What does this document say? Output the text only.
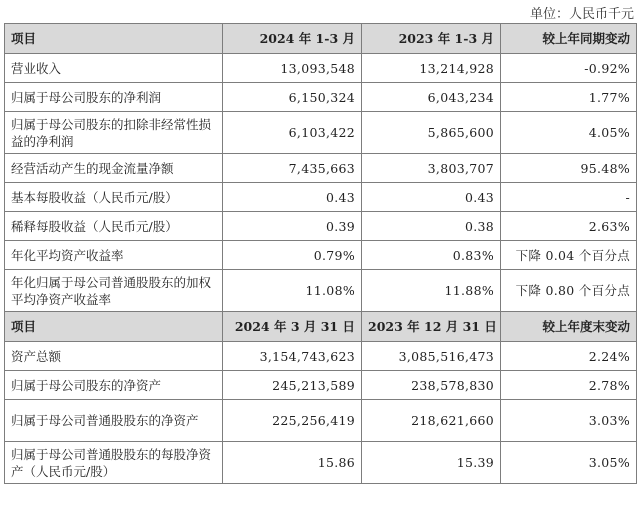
单位：人民币千元
项目	2024 年 1-3 月	2023 年 1-3 月	较上年同期变动
营业收入	13,093,548	13,214,928	-0.92%
归属于母公司股东的净利润	6,150,324	6,043,234	1.77%
归属于母公司股东的扣除非经常性损益的净利润	6,103,422	5,865,600	4.05%
经营活动产生的现金流量净额	7,435,663	3,803,707	95.48%
基本每股收益（人民币元/股）	0.43	0.43	-
稀释每股收益（人民币元/股）	0.39	0.38	2.63%
年化平均资产收益率	0.79%	0.83%	下降 0.04 个百分点
年化归属于母公司普通股股东的加权平均净资产收益率	11.08%	11.88%	下降 0.80 个百分点
项目	2024 年 3 月 31 日	2023 年 12 月 31 日	较上年度末变动
资产总额	3,154,743,623	3,085,516,473	2.24%
归属于母公司股东的净资产	245,213,589	238,578,830	2.78%
归属于母公司普通股股东的净资产	225,256,419	218,621,660	3.03%
归属于母公司普通股股东的每股净资产（人民币元/股）	15.86	15.39	3.05%
